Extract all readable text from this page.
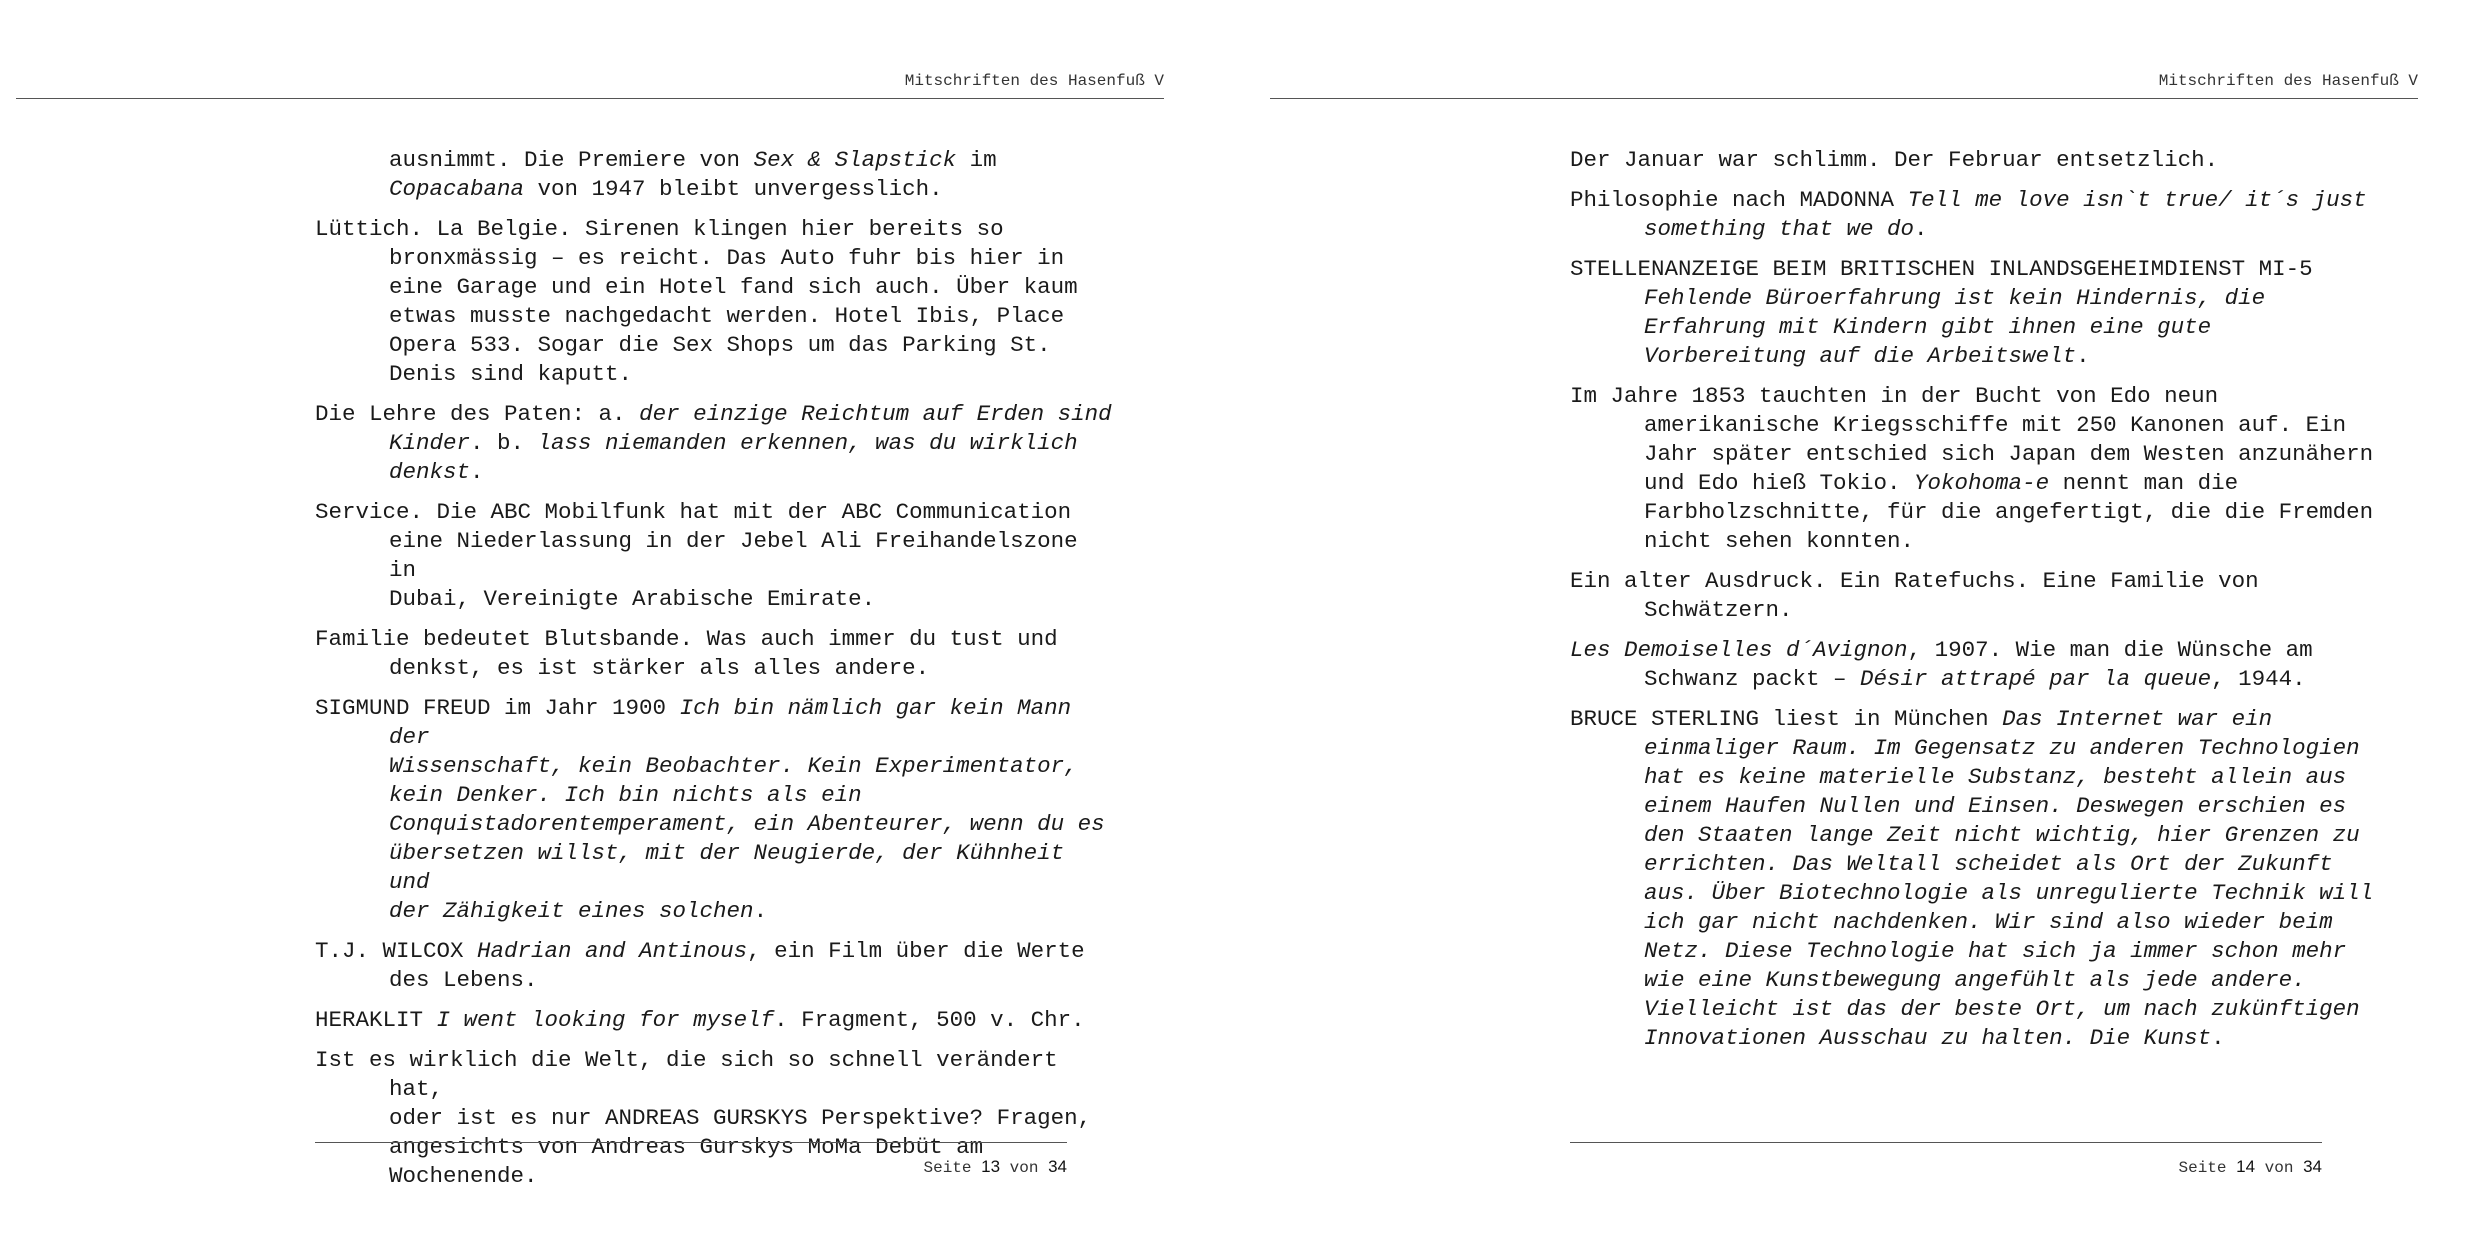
Mitschriften des Hasenfuß V

ausnimmt. Die Premiere von Sex & Slapstick im
Copacabana von 1947 bleibt unvergesslich.

Lüttich. La Belgie. Sirenen klingen hier bereits so
bronxmässig – es reicht. Das Auto fuhr bis hier in
eine Garage und ein Hotel fand sich auch. Über kaum
etwas musste nachgedacht werden. Hotel Ibis, Place
Opera 533. Sogar die Sex Shops um das Parking St.
Denis sind kaputt.

Die Lehre des Paten: a. der einzige Reichtum auf Erden sind
Kinder. b. lass niemanden erkennen, was du wirklich
denkst.

Service. Die ABC Mobilfunk hat mit der ABC Communication
eine Niederlassung in der Jebel Ali Freihandelszone in
Dubai, Vereinigte Arabische Emirate.

Familie bedeutet Blutsbande. Was auch immer du tust und
denkst, es ist stärker als alles andere.

SIGMUND FREUD im Jahr 1900 Ich bin nämlich gar kein Mann der
Wissenschaft, kein Beobachter. Kein Experimentator,
kein Denker. Ich bin nichts als ein
Conquistadorentemperament, ein Abenteurer, wenn du es
übersetzen willst, mit der Neugierde, der Kühnheit und
der Zähigkeit eines solchen.

T.J. WILCOX Hadrian and Antinous, ein Film über die Werte
des Lebens.

HERAKLIT I went looking for myself. Fragment, 500 v. Chr.

Ist es wirklich die Welt, die sich so schnell verändert hat,
oder ist es nur ANDREAS GURSKYS Perspektive? Fragen,
angesichts von Andreas Gurskys MoMa Debüt am
Wochenende.	Seite 13 von 34
Mitschriften des Hasenfuß V

Der Januar war schlimm. Der Februar entsetzlich.

Philosophie nach MADONNA Tell me love isn`t true/ it´s just
something that we do.

STELLENANZEIGE BEIM BRITISCHEN INLANDSGEHEIMDIENST MI-5
Fehlende Büroerfahrung ist kein Hindernis, die
Erfahrung mit Kindern gibt ihnen eine gute
Vorbereitung auf die Arbeitswelt.

Im Jahre 1853 tauchten in der Bucht von Edo neun
amerikanische Kriegsschiffe mit 250 Kanonen auf. Ein
Jahr später entschied sich Japan dem Westen anzunähern
und Edo hieß Tokio. Yokohoma-e nennt man die
Farbholzschnitte, für die angefertigt, die die Fremden
nicht sehen konnten.

Ein alter Ausdruck. Ein Ratefuchs. Eine Familie von
Schwätzern.

Les Demoiselles d´Avignon, 1907. Wie man die Wünsche am
Schwanz packt – Désir attrapé par la queue, 1944.

BRUCE STERLING liest in München Das Internet war ein
einmaliger Raum. Im Gegensatz zu anderen Technologien
hat es keine materielle Substanz, besteht allein aus
einem Haufen Nullen und Einsen. Deswegen erschien es
den Staaten lange Zeit nicht wichtig, hier Grenzen zu
errichten. Das Weltall scheidet als Ort der Zukunft
aus. Über Biotechnologie als unregulierte Technik will
ich gar nicht nachdenken. Wir sind also wieder beim
Netz. Diese Technologie hat sich ja immer schon mehr
wie eine Kunstbewegung angefühlt als jede andere.
Vielleicht ist das der beste Ort, um nach zukünftigen
Innovationen Ausschau zu halten. Die Kunst.

Seite 14 von 34
